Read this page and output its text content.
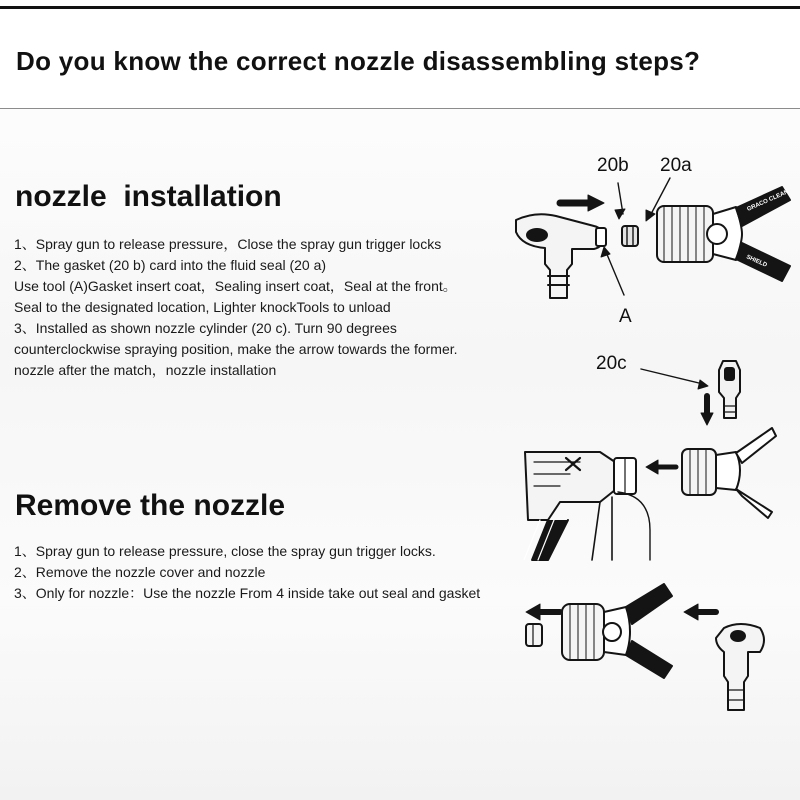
Do you know the correct nozzle disassembling steps?
nozzle  installation
1、Spray gun to release pressure，Close the spray gun trigger locks
2、The gasket (20 b) card into the fluid seal (20 a)
Use tool (A)Gasket insert coat，Sealing insert coat，Seal at the front。
Seal to the designated location, Lighter knockTools to unload
3、Installed as shown nozzle cylinder (20 c). Turn 90 degrees
counterclockwise spraying position, make the arrow towards the former.
nozzle after the match，nozzle installation
Remove the nozzle
1、Spray gun to release pressure, close the spray gun trigger locks.
2、Remove the nozzle cover and nozzle
3、Only for nozzle：Use the nozzle From 4 inside take out seal and gasket
GRACO CLEAN
SHIELD
20b 20a
A
20c
